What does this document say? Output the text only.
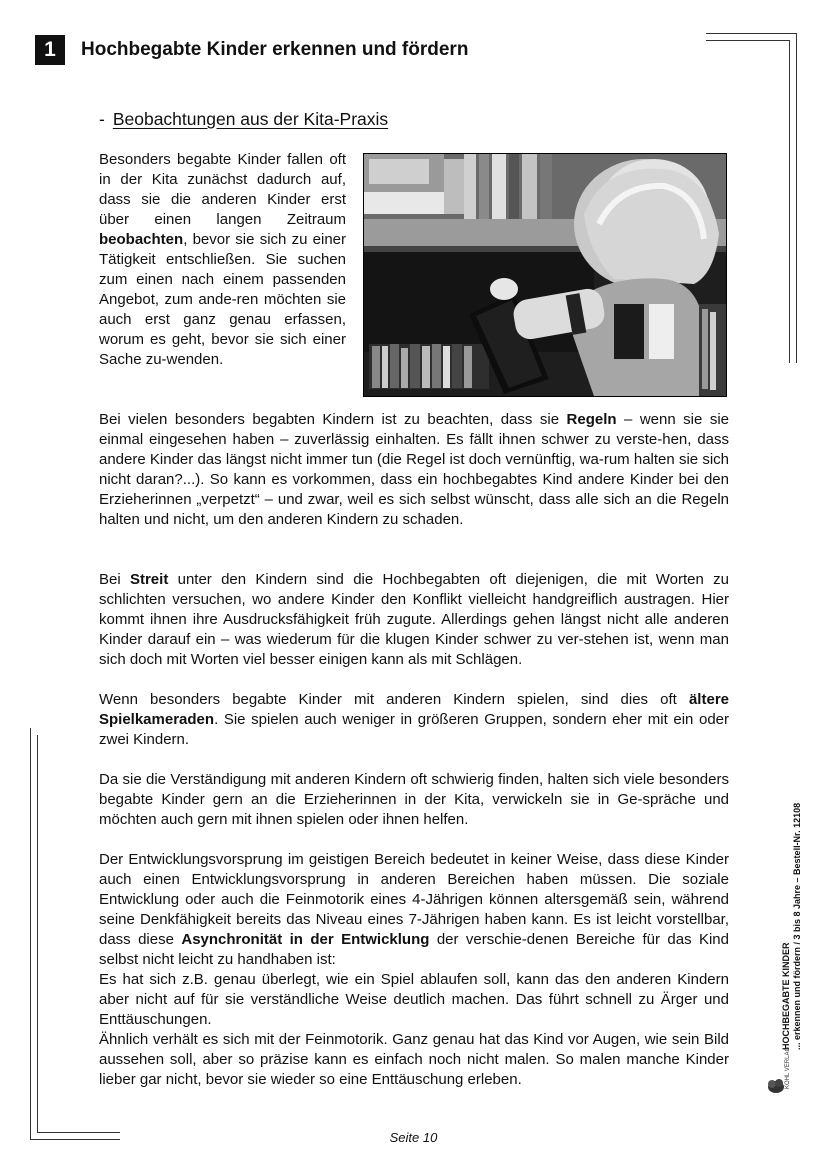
1	Hochbegabte Kinder erkennen und fördern
- Beobachtungen aus der Kita-Praxis

Besonders begabte Kinder fallen oft in der Kita zunächst dadurch auf, dass sie die anderen Kinder erst über einen langen Zeitraum beobachten, bevor sie sich zu einer Tätigkeit entschließen. Sie suchen zum einen nach einem passenden Angebot, zum ande-ren möchten sie auch erst ganz genau erfassen, worum es geht, bevor sie sich einer Sache zu-wenden.

Bei vielen besonders begabten Kindern ist zu beachten, dass sie Regeln – wenn sie sie einmal eingesehen haben – zuverlässig einhalten. Es fällt ihnen schwer zu verste-hen, dass andere Kinder das längst nicht immer tun (die Regel ist doch vernünftig, wa-rum halten sie sich nicht daran?...). So kann es vorkommen, dass ein hochbegabtes Kind andere Kinder bei den Erzieherinnen „verpetzt“ – und zwar, weil es sich selbst wünscht, dass alle sich an die Regeln halten und nicht, um den anderen Kindern zu schaden.

Bei Streit unter den Kindern sind die Hochbegabten oft diejenigen, die mit Worten zu schlichten versuchen, wo andere Kinder den Konflikt vielleicht handgreiflich austragen. Hier kommt ihnen ihre Ausdrucksfähigkeit früh zugute. Allerdings gehen längst nicht alle anderen Kinder darauf ein – was wiederum für die klugen Kinder schwer zu ver-stehen ist, wenn man sich doch mit Worten viel besser einigen kann als mit Schlägen.

Wenn besonders begabte Kinder mit anderen Kindern spielen, sind dies oft ältere Spielkameraden. Sie spielen auch weniger in größeren Gruppen, sondern eher mit ein oder zwei Kindern.

Da sie die Verständigung mit anderen Kindern oft schwierig finden, halten sich viele besonders begabte Kinder gern an die Erzieherinnen in der Kita, verwickeln sie in Ge-spräche und möchten auch gern mit ihnen spielen oder ihnen helfen.

Der Entwicklungsvorsprung im geistigen Bereich bedeutet in keiner Weise, dass diese Kinder auch einen Entwicklungsvorsprung in anderen Bereichen haben müssen. Die soziale Entwicklung oder auch die Feinmotorik eines 4-Jährigen können altersgemäß sein, während seine Denkfähigkeit bereits das Niveau eines 7-Jährigen haben kann. Es ist leicht vorstellbar, dass diese Asynchronität in der Entwicklung der verschie-denen Bereiche für das Kind selbst nicht leicht zu handhaben ist:
Es hat sich z.B. genau überlegt, wie ein Spiel ablaufen soll, kann das den anderen Kindern aber nicht auf für sie verständliche Weise deutlich machen. Das führt schnell zu Ärger und Enttäuschungen.
Ähnlich verhält es sich mit der Feinmotorik. Ganz genau hat das Kind vor Augen, wie sein Bild aussehen soll, aber so präzise kann es einfach noch nicht malen. So malen manche Kinder lieber gar nicht, bevor sie wieder so eine Enttäuschung erleben.

Seite 10
HOCHBEGABTE KINDER ... erkennen und fördern / 3 bis 8 Jahre – Bestell-Nr. 12108
KOHL VERLAG
